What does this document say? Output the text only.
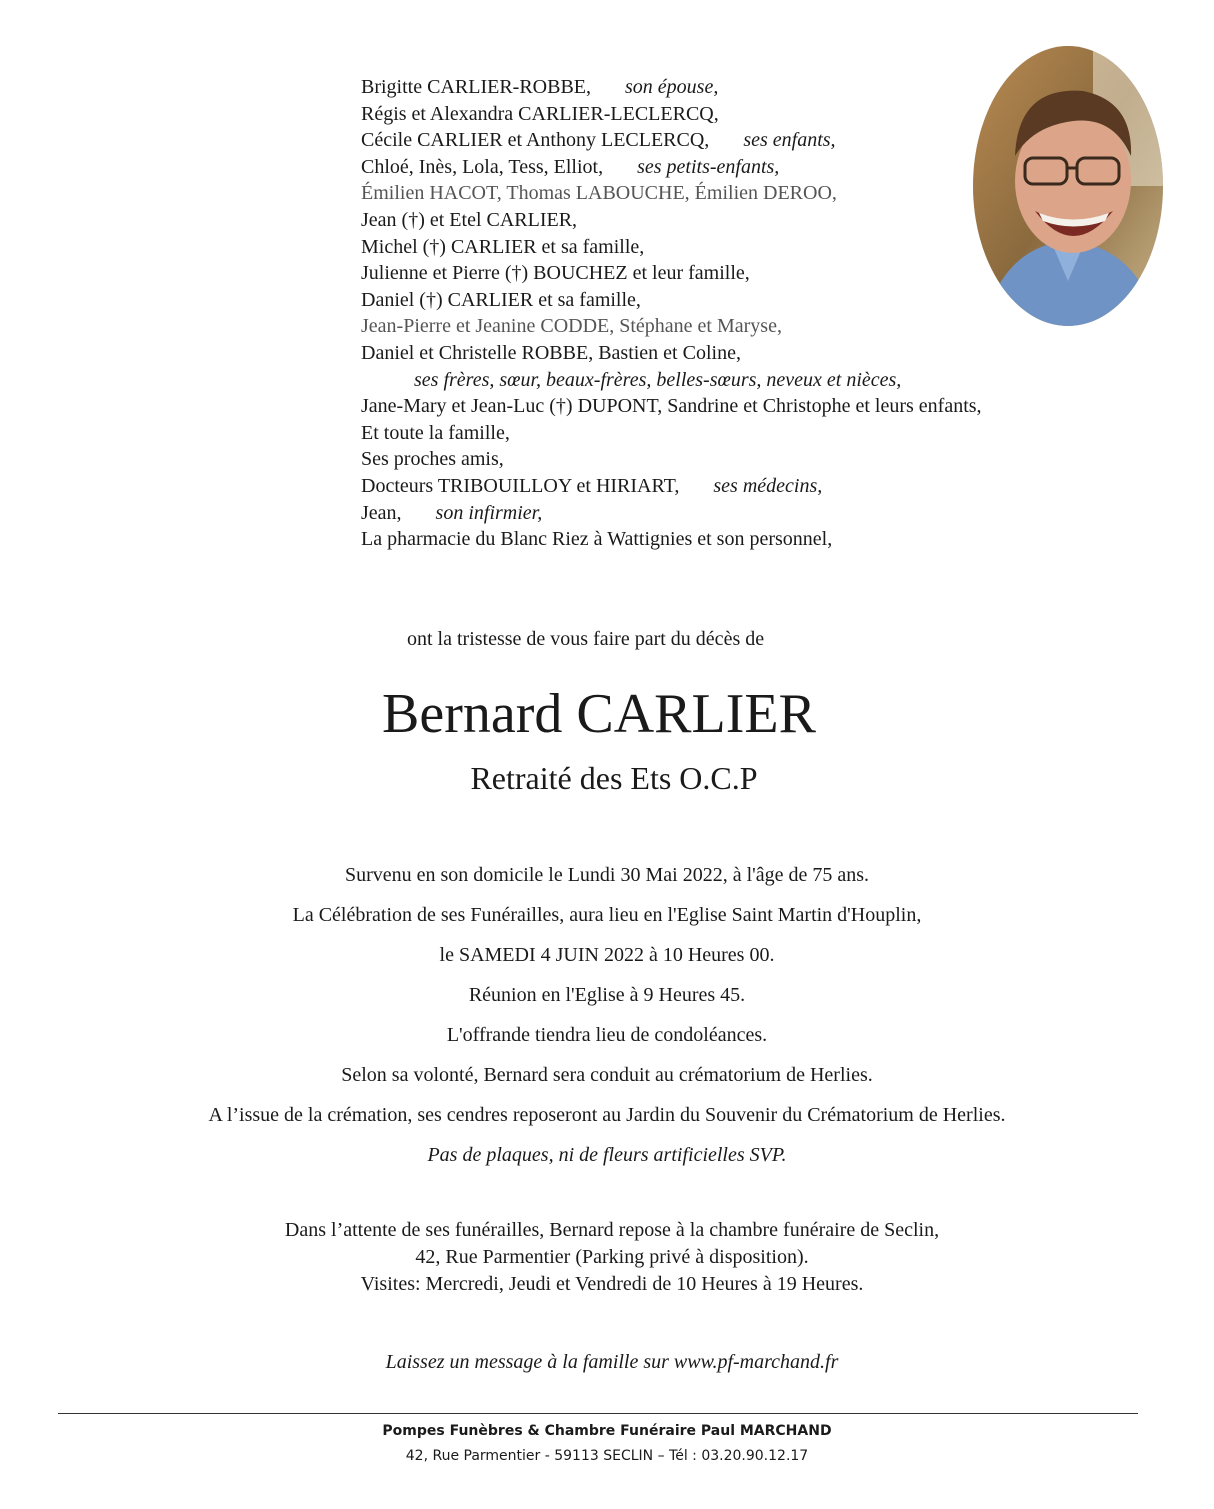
Brigitte CARLIER-ROBBE, son épouse,
Régis et Alexandra CARLIER-LECLERCQ,
Cécile CARLIER et Anthony LECLERCQ, ses enfants,
Chloé, Inès, Lola, Tess, Elliot, ses petits-enfants,
Émilien HACOT, Thomas LABOUCHE, Émilien DEROO,
Jean (†) et Etel CARLIER,
Michel (†) CARLIER et sa famille,
Julienne et Pierre (†) BOUCHEZ et leur famille,
Daniel (†) CARLIER et sa famille,
Jean-Pierre et Jeanine CODDE, Stéphane et Maryse,
Daniel et Christelle ROBBE, Bastien et Coline,
ses frères, sœur, beaux-frères, belles-sœurs, neveux et nièces,
Jane-Mary et Jean-Luc (†) DUPONT, Sandrine et Christophe et leurs enfants,
Et toute la famille,
Ses proches amis,
Docteurs TRIBOUILLOY et HIRIART, ses médecins,
Jean, son infirmier,
La pharmacie du Blanc Riez à Wattignies et son personnel,
ont la tristesse de vous faire part du décès de
Bernard CARLIER
Retraité des Ets O.C.P
Survenu en son domicile le Lundi 30 Mai 2022, à l'âge de 75 ans.
La Célébration de ses Funérailles, aura lieu en l'Eglise Saint Martin d'Houplin,
le SAMEDI 4 JUIN 2022 à 10 Heures 00.
Réunion en l'Eglise à 9 Heures 45.
L'offrande tiendra lieu de condoléances.
Selon sa volonté, Bernard sera conduit au crématorium de Herlies.
A l’issue de la crémation, ses cendres reposeront au Jardin du Souvenir du Crématorium de Herlies.
Pas de plaques, ni de fleurs artificielles SVP.
Dans l’attente de ses funérailles, Bernard repose à la chambre funéraire de Seclin,
42, Rue Parmentier (Parking privé à disposition).
Visites: Mercredi, Jeudi et Vendredi de 10 Heures à 19 Heures.
Laissez un message à la famille sur www.pf-marchand.fr
Pompes Funèbres & Chambre Funéraire Paul MARCHAND
42, Rue Parmentier - 59113 SECLIN – Tél : 03.20.90.12.17
